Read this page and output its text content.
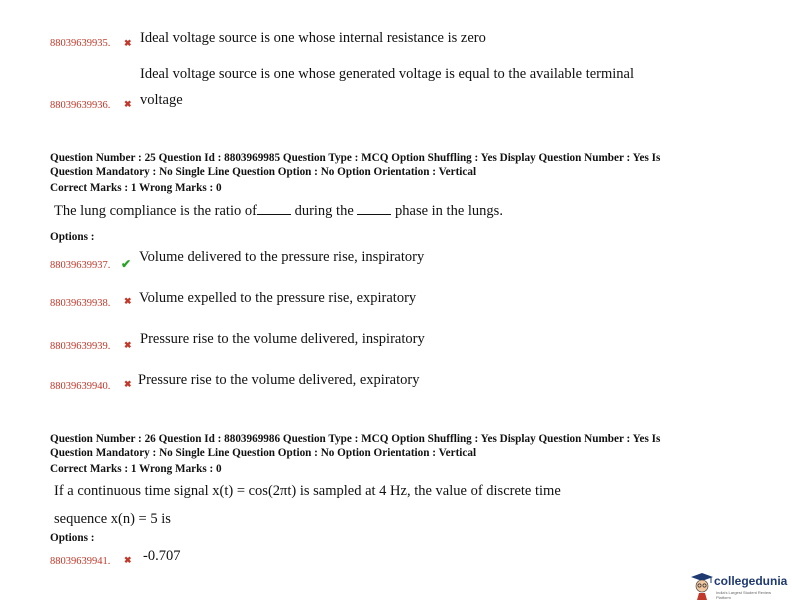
88039639935. ✖ Ideal voltage source is one whose internal resistance is zero
Ideal voltage source is one whose generated voltage is equal to the available terminal
88039639936. ✖ voltage
Question Number : 25 Question Id : 8803969985 Question Type : MCQ Option Shuffling : Yes Display Question Number : Yes Is
Question Mandatory : No Single Line Question Option : No Option Orientation : Vertical
Correct Marks : 1 Wrong Marks : 0
The lung compliance is the ratio of during the  phase in the lungs.
Options :
88039639937. ✔ Volume delivered to the pressure rise, inspiratory
88039639938. ✖ Volume expelled to the pressure rise, expiratory
88039639939. ✖ Pressure rise to the volume delivered, inspiratory
88039639940. ✖ Pressure rise to the volume delivered, expiratory
Question Number : 26 Question Id : 8803969986 Question Type : MCQ Option Shuffling : Yes Display Question Number : Yes Is
Question Mandatory : No Single Line Question Option : No Option Orientation : Vertical
Correct Marks : 1 Wrong Marks : 0
If a continuous time signal x(t) = cos(2πt) is sampled at 4 Hz, the value of discrete time
sequence x(n) = 5 is
Options :
88039639941. ✖ -0.707
collegedunia
India's Largest Student Review Platform
